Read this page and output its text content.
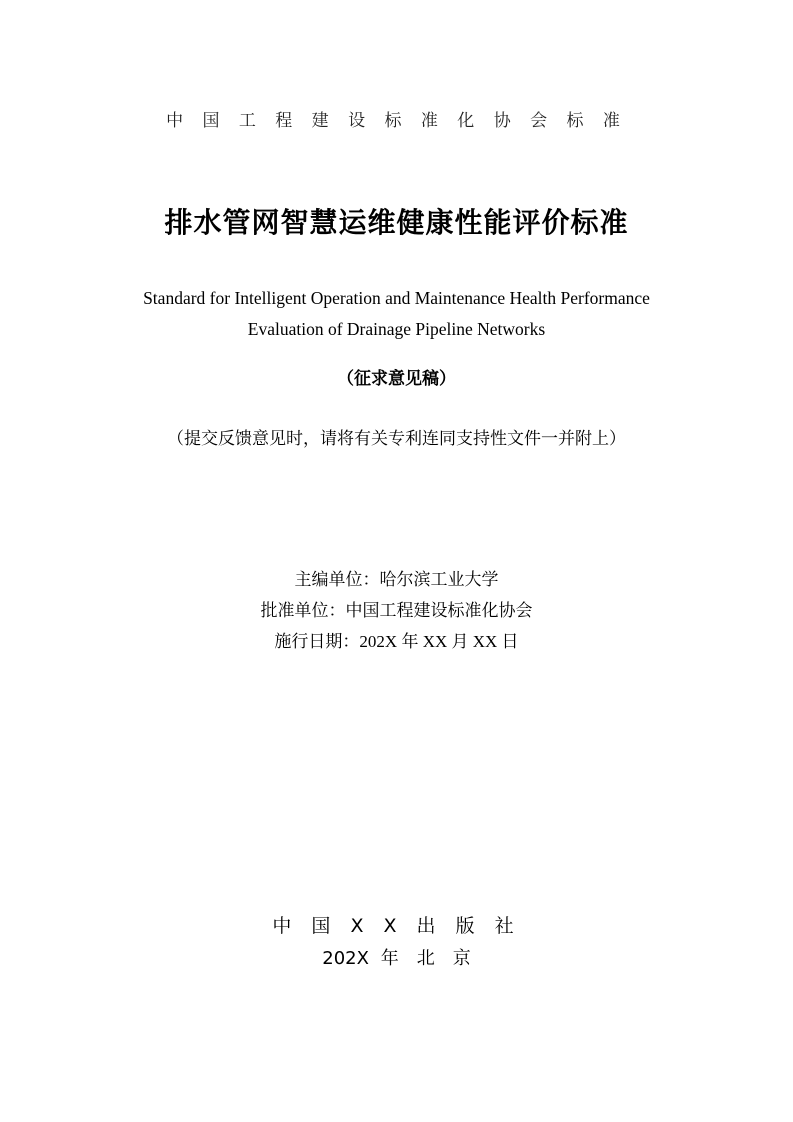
中 国 工 程 建 设 标 准 化 协 会 标 准
排水管网智慧运维健康性能评价标准
Standard for Intelligent Operation and Maintenance Health Performance
Evaluation of Drainage Pipeline Networks
（征求意见稿）
（提交反馈意见时，请将有关专利连同支持性文件一并附上）
主编单位：哈尔滨工业大学
批准单位：中国工程建设标准化协会
施行日期：202X 年 XX 月 XX 日
中 国 X X 出 版 社
202X 年　北　京
